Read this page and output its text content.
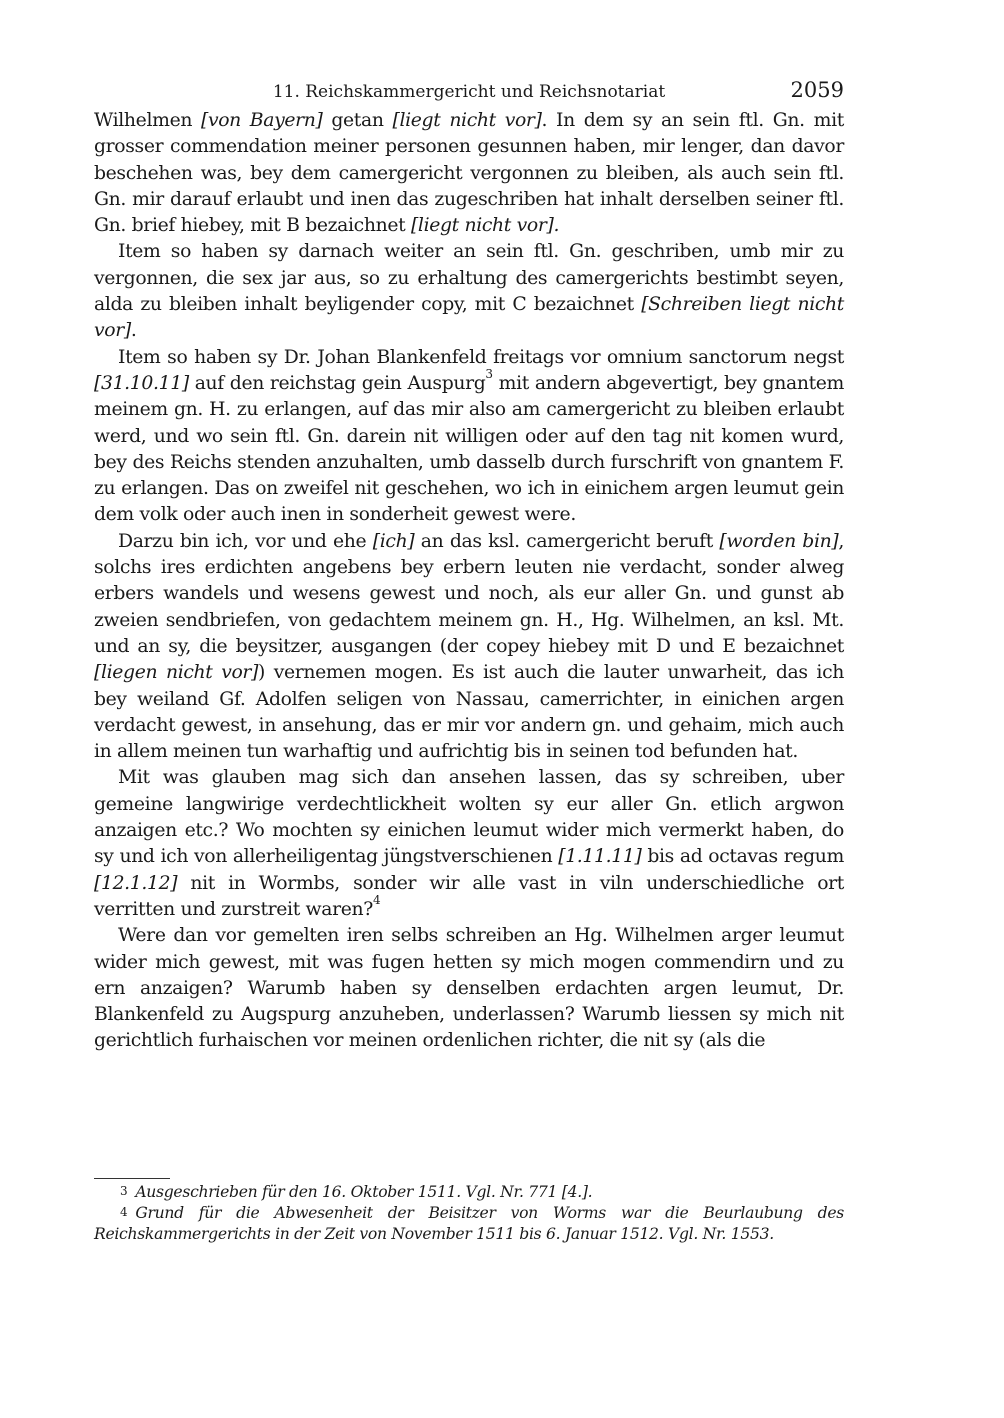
11. Reichskammergericht und Reichsnotariat	2059

Wilhelmen [von Bayern] getan [liegt nicht vor]. In dem sy an sein ftl. Gn. mit grosser commendation meiner personen gesunnen haben, mir lenger, dan davor beschehen was, bey dem camergericht vergonnen zu bleiben, als auch sein ftl. Gn. mir darauf erlaubt und inen das zugeschriben hat inhalt derselben seiner ftl. Gn. brief hiebey, mit B bezaichnet [liegt nicht vor].

Item so haben sy darnach weiter an sein ftl. Gn. geschriben, umb mir zu vergonnen, die sex jar aus, so zu erhaltung des camergerichts bestimbt seyen, alda zu bleiben inhalt beyligender copy, mit C bezaichnet [Schreiben liegt nicht vor].

Item so haben sy Dr. Johan Blankenfeld freitags vor omnium sanctorum negst [31.10.11] auf den reichstag gein Auspurg$^3$ mit andern abgevertigt, bey gnantem meinem gn. H. zu erlangen, auf das mir also am camergericht zu bleiben erlaubt werd, und wo sein ftl. Gn. darein nit willigen oder auf den tag nit komen wurd, bey des Reichs stenden anzuhalten, umb dasselb durch furschrift von gnantem F. zu erlangen. Das on zweifel nit geschehen, wo ich in einichem argen leumut gein dem volk oder auch inen in sonderheit gewest were.

Darzu bin ich, vor und ehe [ich] an das ksl. camergericht beruft [worden bin], solchs ires erdichten angebens bey erbern leuten nie verdacht, sonder alweg erbers wandels und wesens gewest und noch, als eur aller Gn. und gunst ab zweien sendbriefen, von gedachtem meinem gn. H., Hg. Wilhelmen, an ksl. Mt. und an sy, die beysitzer, ausgangen (der copey hiebey mit D und E bezaichnet [liegen nicht vor]) vernemen mogen. Es ist auch die lauter unwarheit, das ich bey weiland Gf. Adolfen seligen von Nassau, camerrichter, in einichen argen verdacht gewest, in ansehung, das er mir vor andern gn. und gehaim, mich auch in allem meinen tun warhaftig und aufrichtig bis in seinen tod befunden hat.

Mit was glauben mag sich dan ansehen lassen, das sy schreiben, uber gemeine langwirige verdechtlickheit wolten sy eur aller Gn. etlich argwon anzaigen etc.? Wo mochten sy einichen leumut wider mich vermerkt haben, do sy und ich von allerheiligentag jüngstverschienen [1.11.11] bis ad octavas regum [12.1.12] nit in Wormbs, sonder wir alle vast in viln underschiedliche ort verritten und zurstreit waren?$^4$

Were dan vor gemelten iren selbs schreiben an Hg. Wilhelmen arger leumut wider mich gewest, mit was fugen hetten sy mich mogen commendirn und zu ern anzaigen? Warumb haben sy denselben erdachten argen leumut, Dr. Blankenfeld zu Augspurg anzuheben, underlassen? Warumb liessen sy mich nit gerichtlich furhaischen vor meinen ordenlichen richter, die nit sy (als die

$^3$ Ausgeschrieben für den 16. Oktober 1511. Vgl. Nr. 771 [4.].

$^4$ Grund für die Abwesenheit der Beisitzer von Worms war die Beurlaubung des Reichskammergerichts in der Zeit von November 1511 bis 6. Januar 1512. Vgl. Nr. 1553.
